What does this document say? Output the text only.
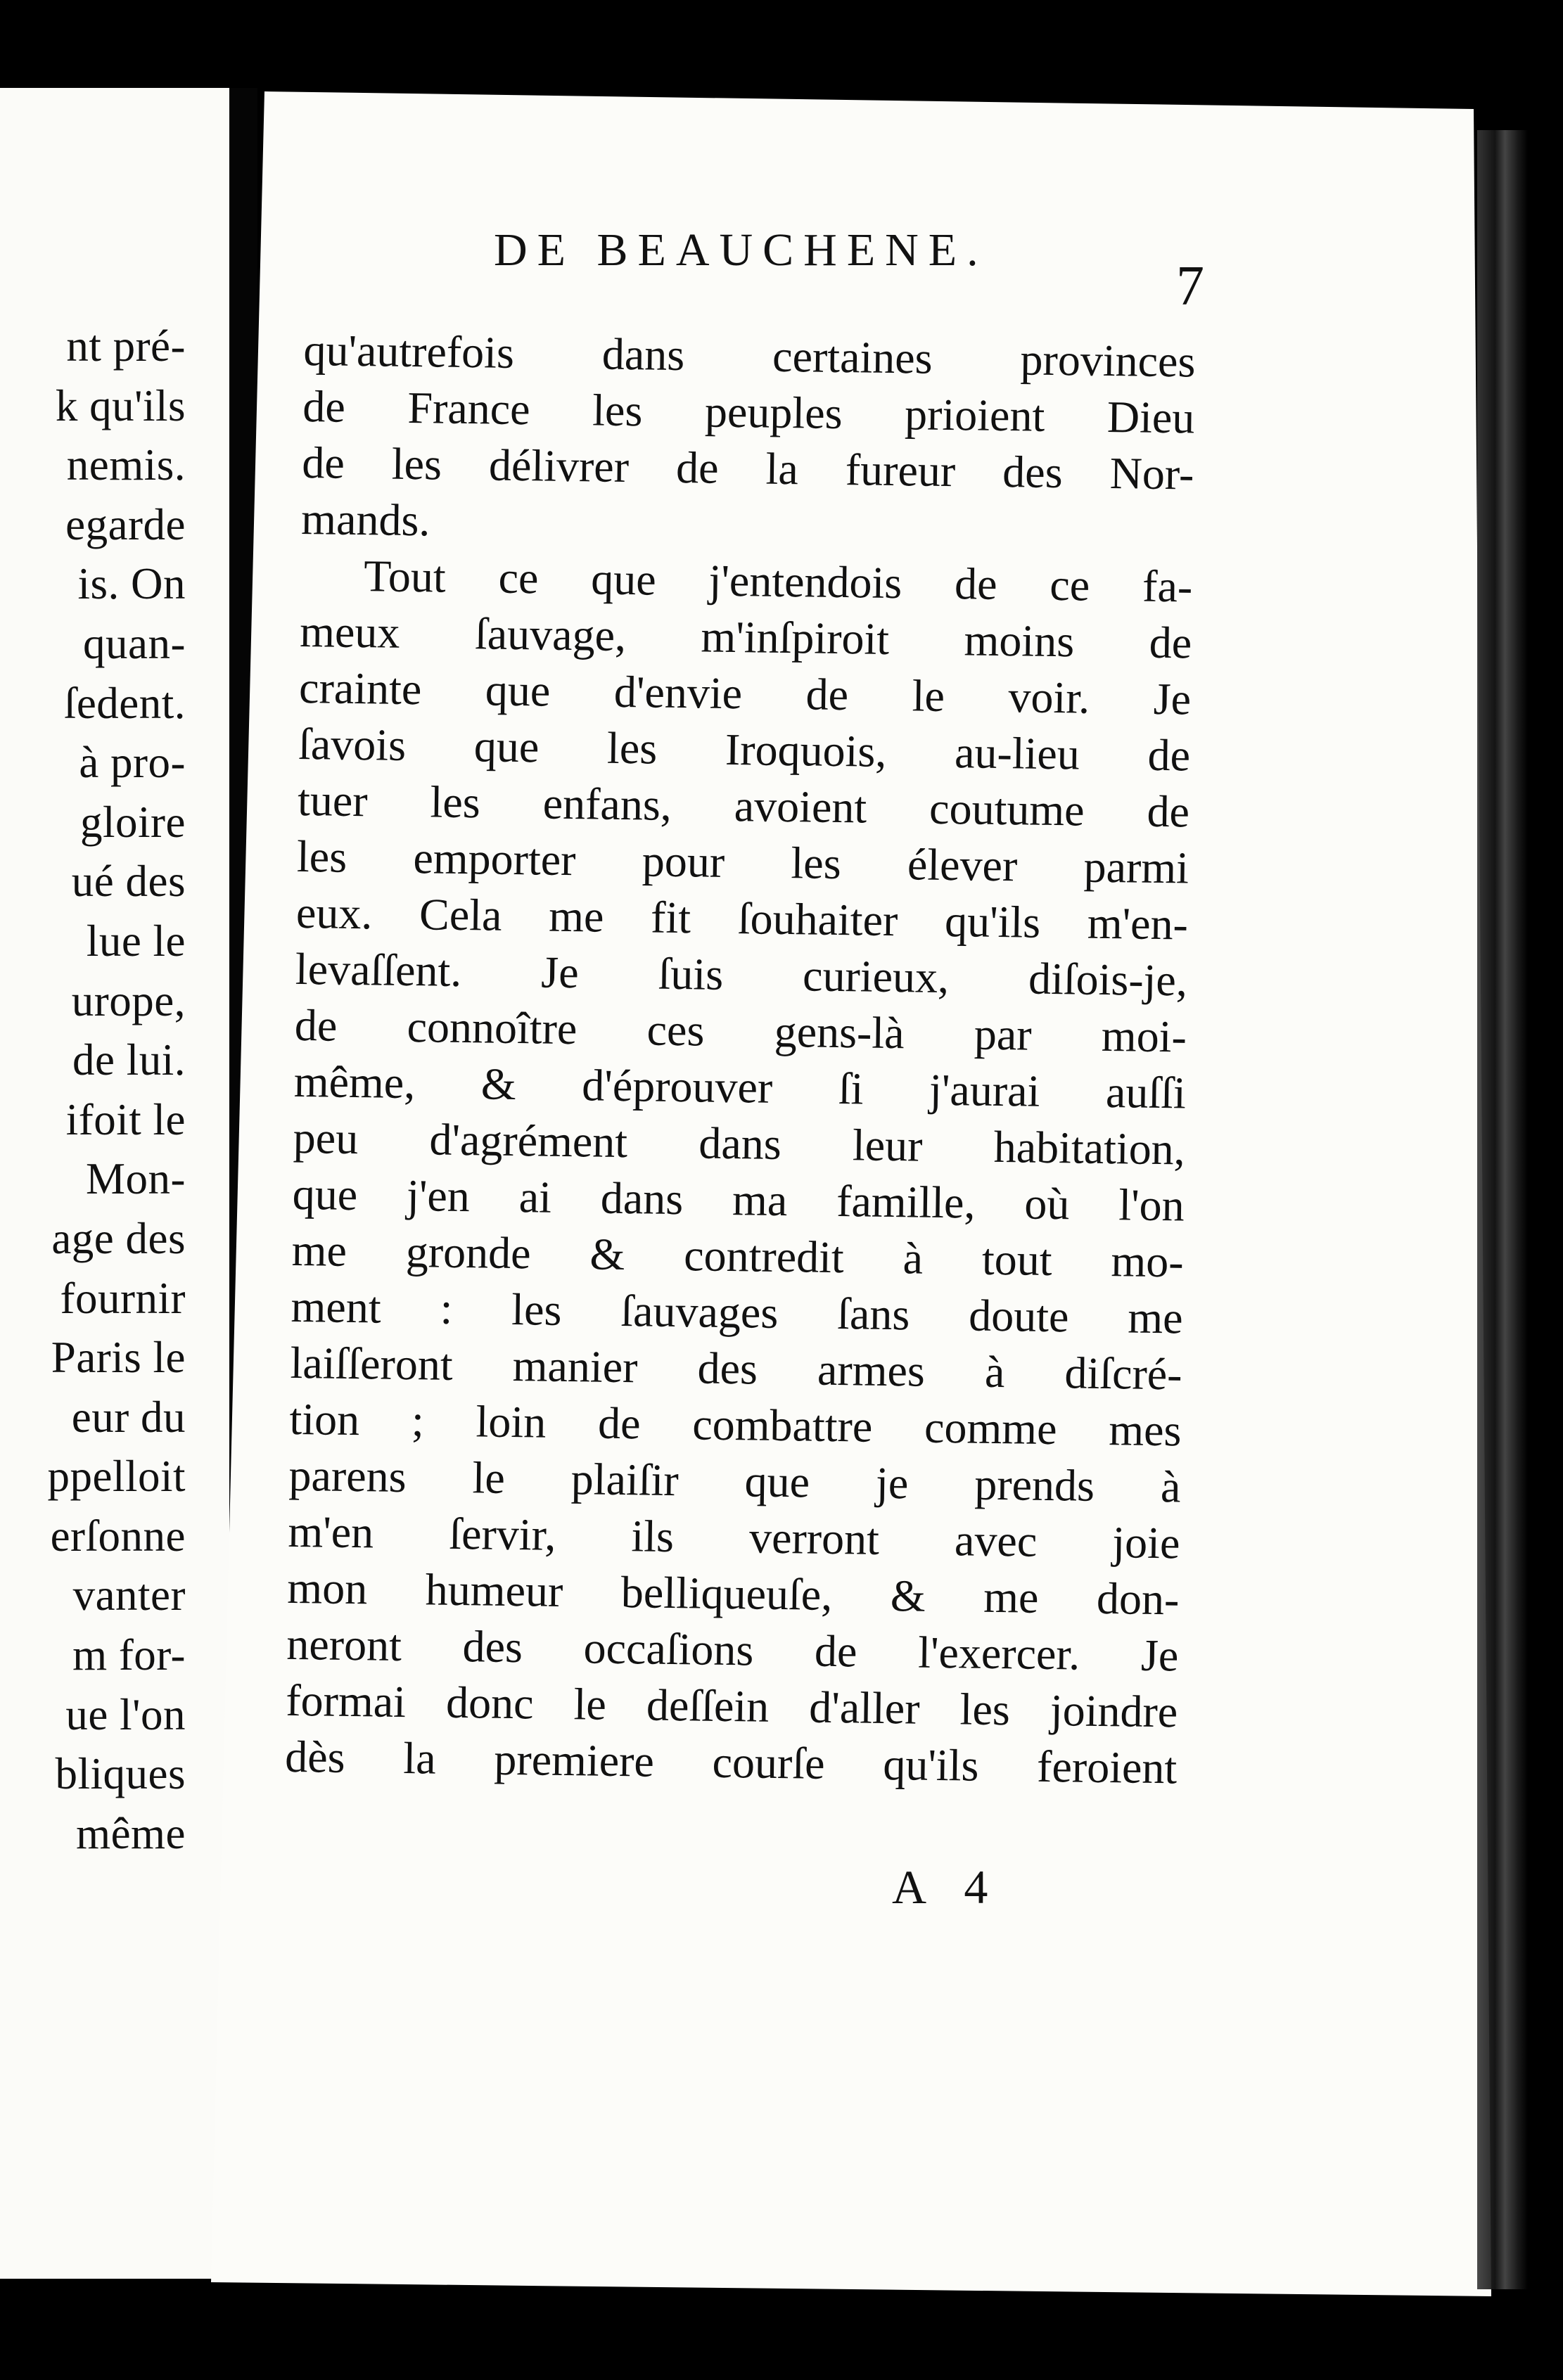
nt pré-
k qu'ils
nemis.
egarde
is. On
quan-
ſedent.
à pro-
gloire
ué des
lue le
urope,
de lui.
ifoit le
Mon-
age des
fournir
Paris le
eur du
ppelloit
erſonne
vanter
m for-
ue l'on
bliques
même
DE BEAUCHENE.
7
qu'autrefois dans certaines provinces
de France les peuples prioient Dieu
de les délivrer de la fureur des Nor-
mands.
Tout ce que j'entendois de ce fa-
meux ſauvage, m'inſpiroit moins de
crainte que d'envie de le voir. Je
ſavois que les Iroquois, au-lieu de
tuer les enfans, avoient coutume de
les emporter pour les élever parmi
eux. Cela me fit ſouhaiter qu'ils m'en-
levaſſent. Je ſuis curieux, diſois-je,
de connoître ces gens-là par moi-
même, & d'éprouver ſi j'aurai auſſi
peu d'agrément dans leur habitation,
que j'en ai dans ma famille, où l'on
me gronde & contredit à tout mo-
ment : les ſauvages ſans doute me
laiſſeront manier des armes à diſcré-
tion ; loin de combattre comme mes
parens le plaiſir que je prends à
m'en ſervir, ils verront avec joie
mon humeur belliqueuſe, & me don-
neront des occaſions de l'exercer. Je
formai donc le deſſein d'aller les joindre
dès la premiere courſe qu'ils feroient
A 4
